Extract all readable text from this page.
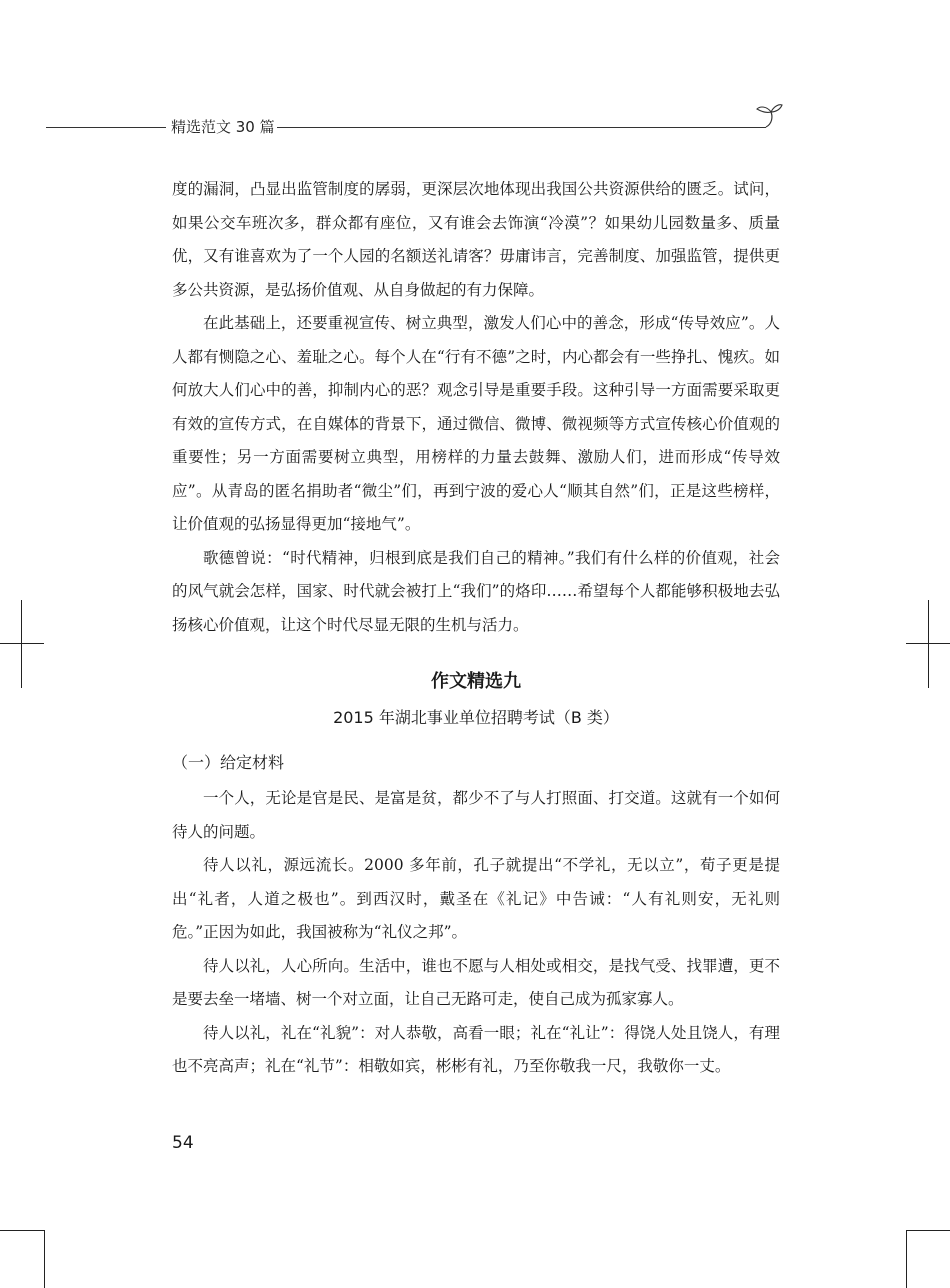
精选范文 30 篇

度的漏洞，凸显出监管制度的孱弱，更深层次地体现出我国公共资源供给的匮乏。试问，如果公交车班次多，群众都有座位，又有谁会去饰演“冷漠”？如果幼儿园数量多、质量优，又有谁喜欢为了一个人园的名额送礼请客？毋庸讳言，完善制度、加强监管，提供更多公共资源，是弘扬价值观、从自身做起的有力保障。

在此基础上，还要重视宣传、树立典型，激发人们心中的善念，形成“传导效应”。人人都有恻隐之心、羞耻之心。每个人在“行有不德”之时，内心都会有一些挣扎、愧疚。如何放大人们心中的善，抑制内心的恶？观念引导是重要手段。这种引导一方面需要采取更有效的宣传方式，在自媒体的背景下，通过微信、微博、微视频等方式宣传核心价值观的重要性；另一方面需要树立典型，用榜样的力量去鼓舞、激励人们，进而形成“传导效应”。从青岛的匿名捐助者“微尘”们，再到宁波的爱心人“顺其自然”们，正是这些榜样，让价值观的弘扬显得更加“接地气”。

歌德曾说：“时代精神，归根到底是我们自己的精神。”我们有什么样的价值观，社会的风气就会怎样，国家、时代就会被打上“我们”的烙印……希望每个人都能够积极地去弘扬核心价值观，让这个时代尽显无限的生机与活力。

作文精选九
2015 年湖北事业单位招聘考试（B 类）
（一）给定材料

一个人，无论是官是民、是富是贫，都少不了与人打照面、打交道。这就有一个如何待人的问题。

待人以礼，源远流长。2000 多年前，孔子就提出“不学礼，无以立”，荀子更是提出“礼者，人道之极也”。到西汉时，戴圣在《礼记》中告诫：“人有礼则安，无礼则危。”正因为如此，我国被称为“礼仪之邦”。

待人以礼，人心所向。生活中，谁也不愿与人相处或相交，是找气受、找罪遭，更不是要去垒一堵墙、树一个对立面，让自己无路可走，使自己成为孤家寡人。

待人以礼，礼在“礼貌”：对人恭敬，高看一眼；礼在“礼让”：得饶人处且饶人，有理也不亮高声；礼在“礼节”：相敬如宾，彬彬有礼，乃至你敬我一尺，我敬你一丈。

54
